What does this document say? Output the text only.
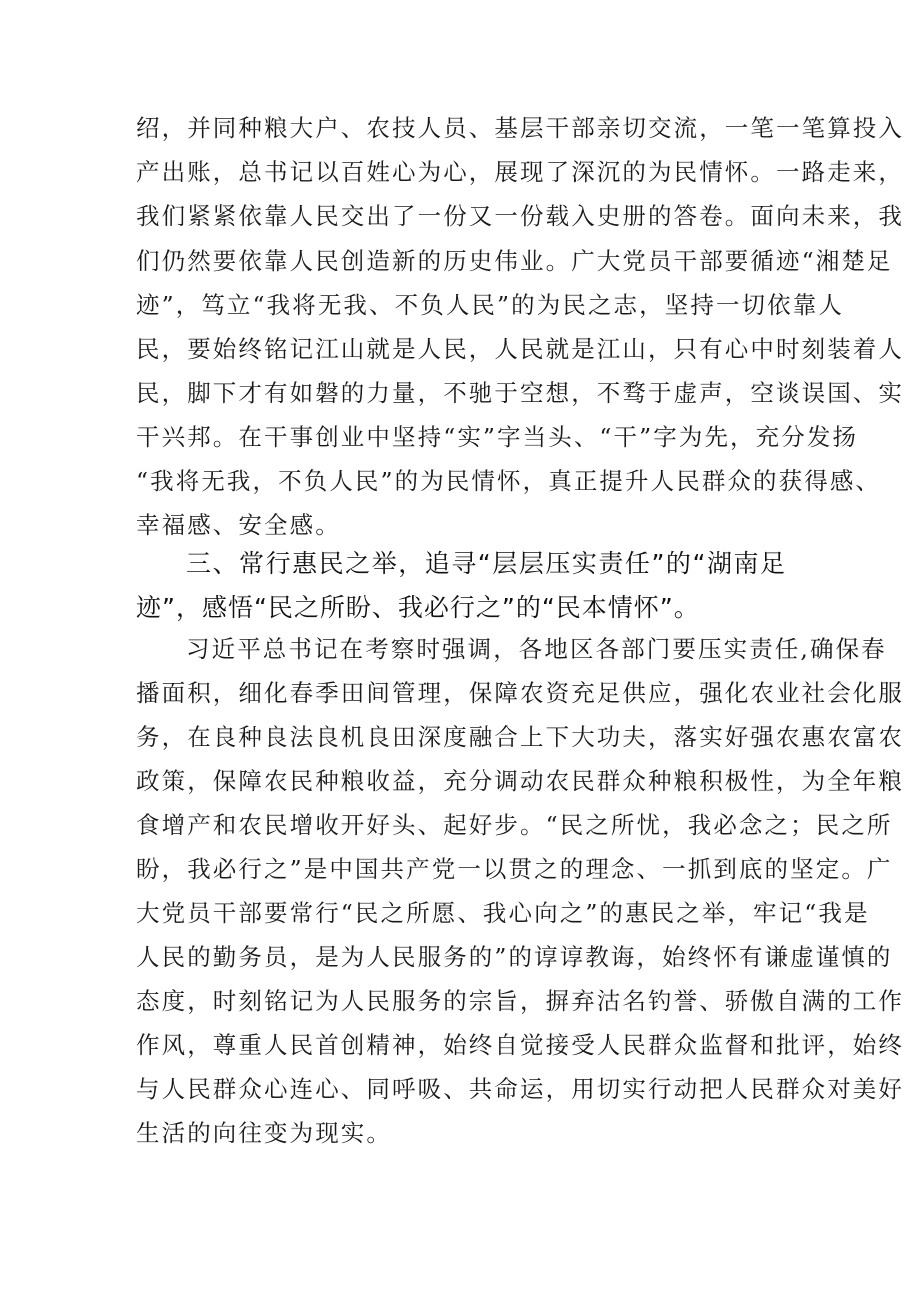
绍，并同种粮大户、农技人员、基层干部亲切交流，一笔一笔算投入
产出账，总书记以百姓心为心，展现了深沉的为民情怀。一路走来，
我们紧紧依靠人民交出了一份又一份载入史册的答卷。面向未来，我
们仍然要依靠人民创造新的历史伟业。广大党员干部要循迹“湘楚足
迹”，笃立“我将无我、不负人民”的为民之志，坚持一切依靠人
民，要始终铭记江山就是人民，人民就是江山，只有心中时刻装着人
民，脚下才有如磐的力量，不驰于空想，不骛于虚声，空谈误国、实
干兴邦。在干事创业中坚持“实”字当头、“干”字为先，充分发扬
“我将无我，不负人民”的为民情怀，真正提升人民群众的获得感、
幸福感、安全感。
三、常行惠民之举，追寻“层层压实责任”的“湖南足
迹”，感悟“民之所盼、我必行之”的“民本情怀”。
习近平总书记在考察时强调，各地区各部门要压实责任,确保春
播面积，细化春季田间管理，保障农资充足供应，强化农业社会化服
务，在良种良法良机良田深度融合上下大功夫，落实好强农惠农富农
政策，保障农民种粮收益，充分调动农民群众种粮积极性，为全年粮
食增产和农民增收开好头、起好步。“民之所忧，我必念之；民之所
盼，我必行之”是中国共产党一以贯之的理念、一抓到底的坚定。广
大党员干部要常行“民之所愿、我心向之”的惠民之举，牢记“我是
人民的勤务员，是为人民服务的”的谆谆教诲，始终怀有谦虚谨慎的
态度，时刻铭记为人民服务的宗旨，摒弃沽名钓誉、骄傲自满的工作
作风，尊重人民首创精神，始终自觉接受人民群众监督和批评，始终
与人民群众心连心、同呼吸、共命运，用切实行动把人民群众对美好
生活的向往变为现实。
